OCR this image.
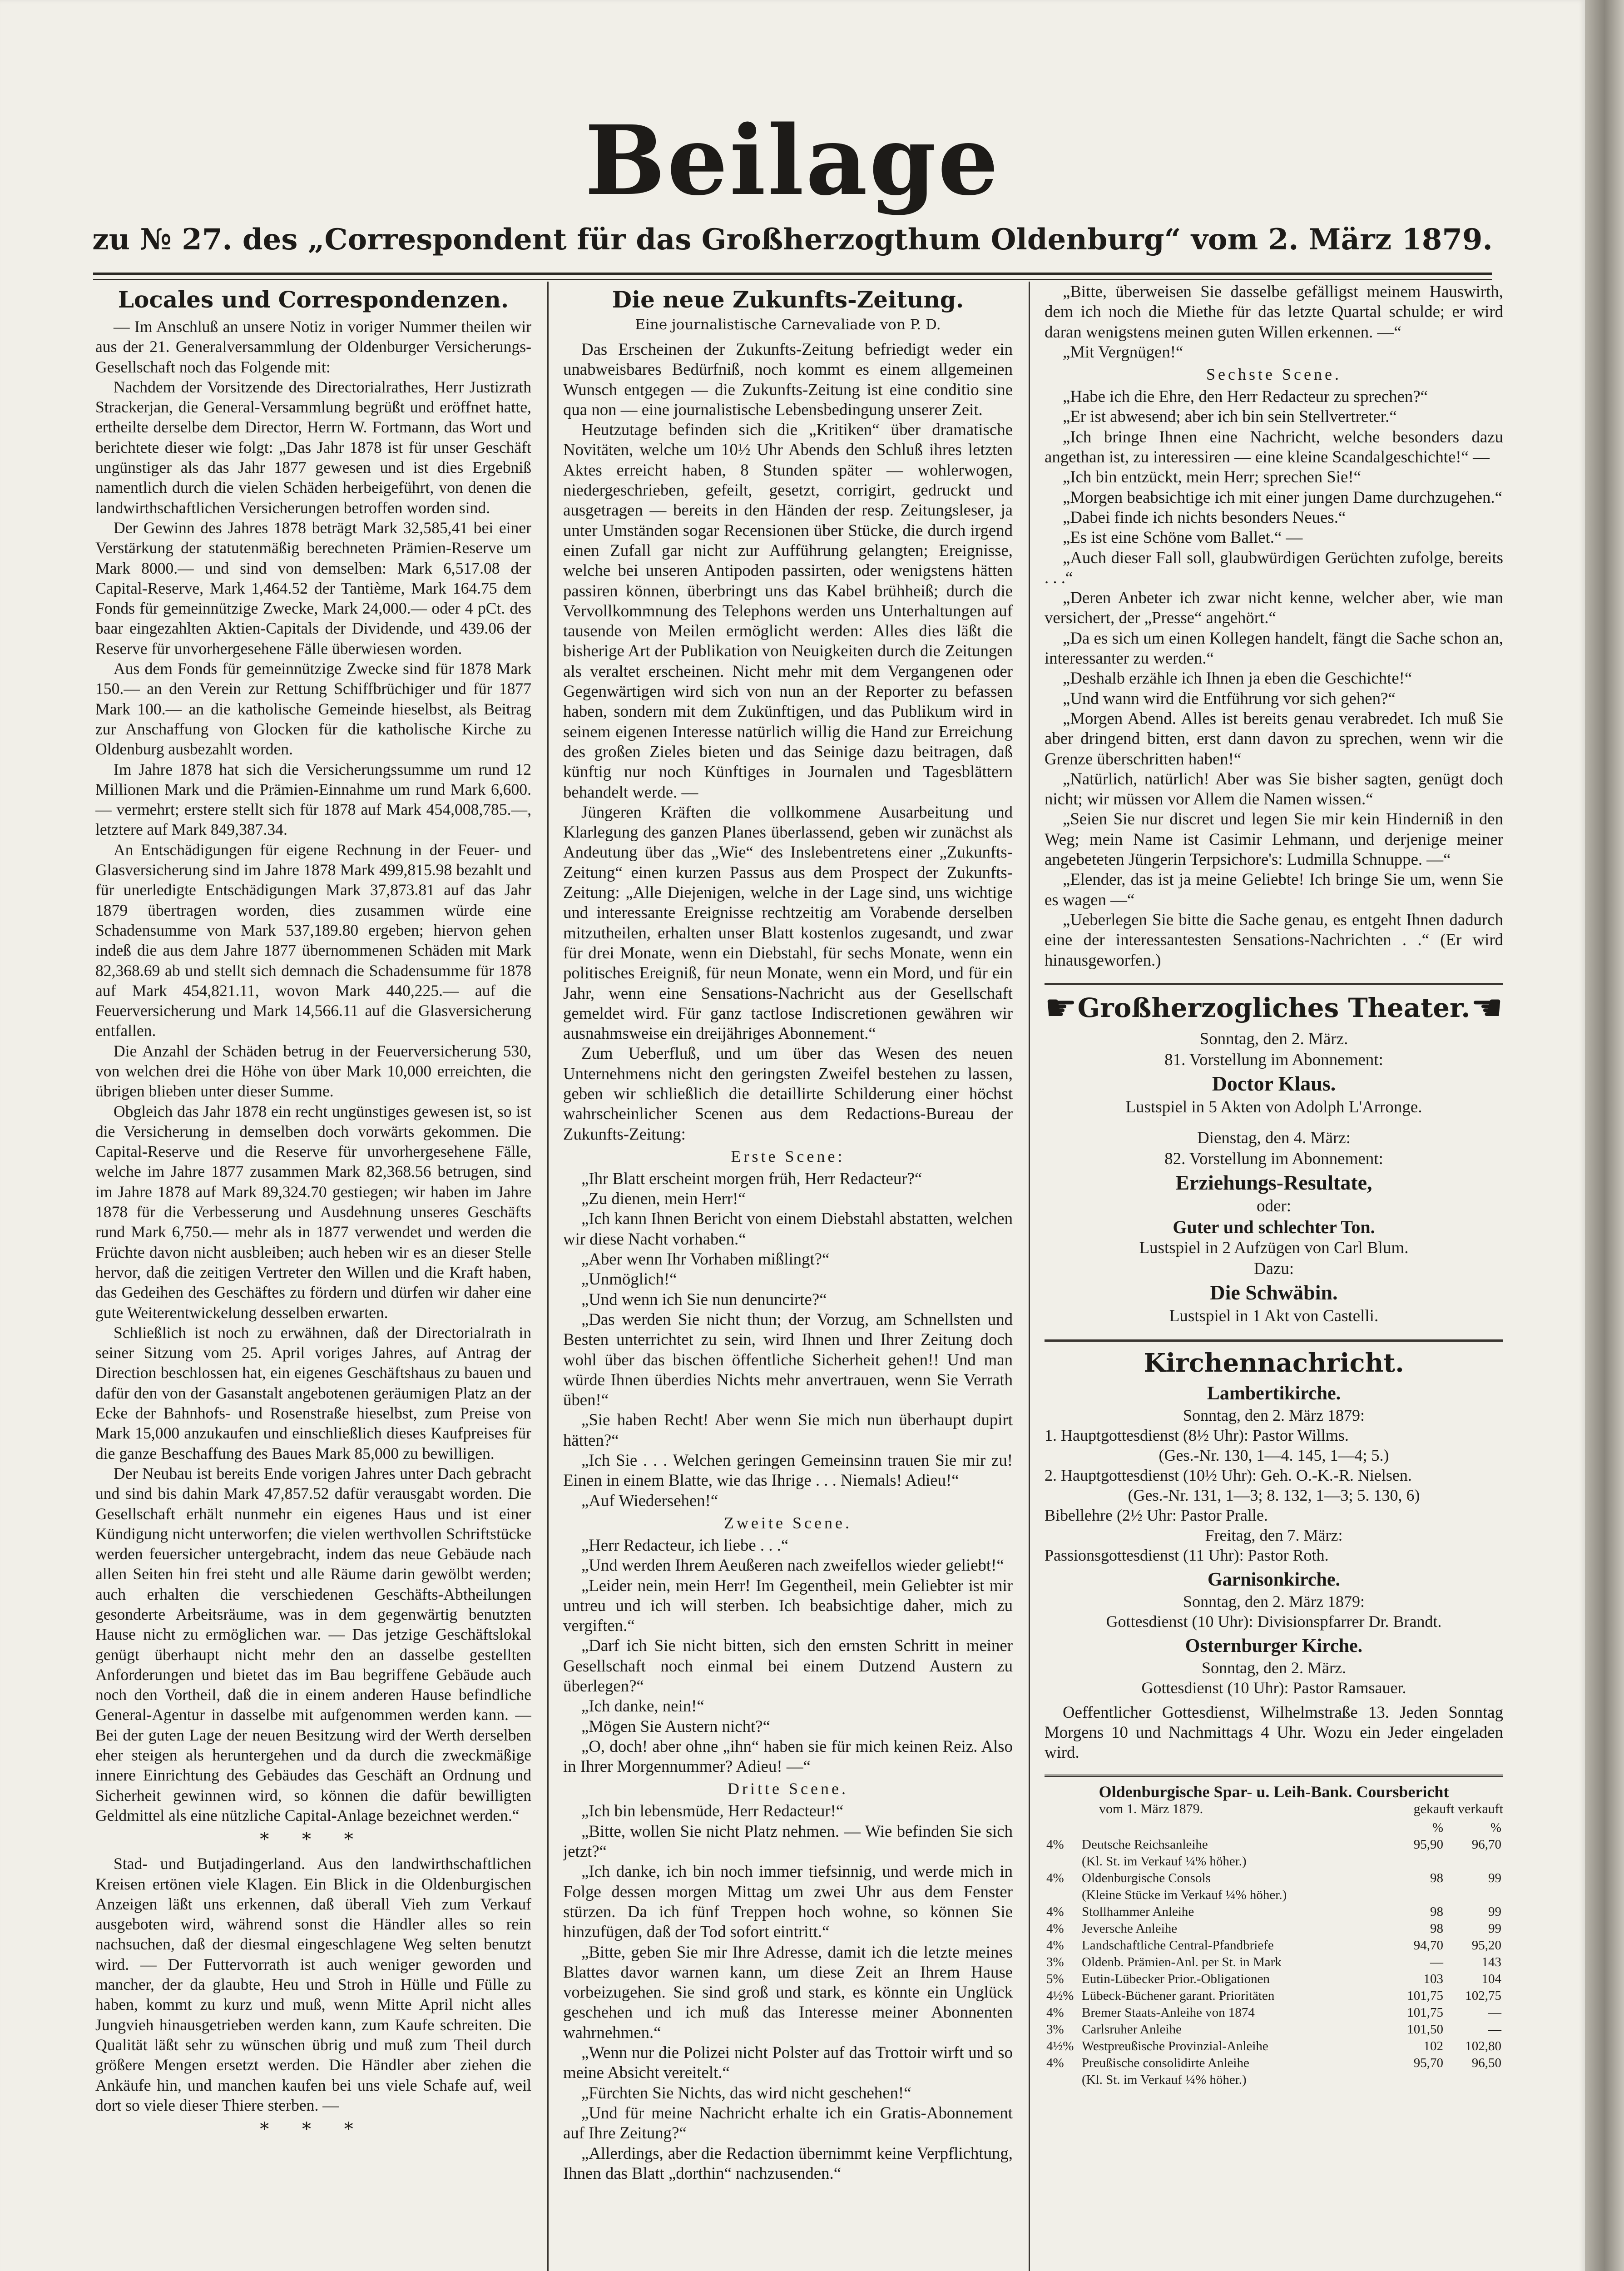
Beilage
zu № 27. des „Correspondent für das Großherzogthum Oldenburg“ vom 2. März 1879.
Locales und Correspondenzen.

— Im Anschluß an unsere Notiz in voriger Nummer theilen wir aus der 21. Generalversammlung der Oldenburger Versicherungs-Gesellschaft noch das Folgende mit:

Nachdem der Vorsitzende des Directorialrathes, Herr Justizrath Strackerjan, die General-Versammlung begrüßt und eröffnet hatte, ertheilte derselbe dem Director, Herrn W. Fortmann, das Wort und berichtete dieser wie folgt: „Das Jahr 1878 ist für unser Geschäft ungünstiger als das Jahr 1877 gewesen und ist dies Ergebniß namentlich durch die vielen Schäden herbeigeführt, von denen die landwirthschaftlichen Versicherungen betroffen worden sind.

Der Gewinn des Jahres 1878 beträgt Mark 32,585,41 bei einer Verstärkung der statutenmäßig berechneten Prämien-Reserve um Mark 8000.— und sind von demselben: Mark 6,517.08 der Capital-Reserve, Mark 1,464.52 der Tantième, Mark 164.75 dem Fonds für gemeinnützige Zwecke, Mark 24,000.— oder 4 pCt. des baar eingezahlten Aktien-Capitals der Dividende, und 439.06 der Reserve für unvorhergesehene Fälle überwiesen worden.

Aus dem Fonds für gemeinnützige Zwecke sind für 1878 Mark 150.— an den Verein zur Rettung Schiffbrüchiger und für 1877 Mark 100.— an die katholische Gemeinde hieselbst, als Beitrag zur Anschaffung von Glocken für die katholische Kirche zu Oldenburg ausbezahlt worden.

Im Jahre 1878 hat sich die Versicherungssumme um rund 12 Millionen Mark und die Prämien-Einnahme um rund Mark 6,600.— vermehrt; erstere stellt sich für 1878 auf Mark 454,008,785.—, letztere auf Mark 849,387.34.

An Entschädigungen für eigene Rechnung in der Feuer- und Glasversicherung sind im Jahre 1878 Mark 499,815.98 bezahlt und für unerledigte Entschädigungen Mark 37,873.81 auf das Jahr 1879 übertragen worden, dies zusammen würde eine Schadensumme von Mark 537,189.80 ergeben; hiervon gehen indeß die aus dem Jahre 1877 übernommenen Schäden mit Mark 82,368.69 ab und stellt sich demnach die Schadensumme für 1878 auf Mark 454,821.11, wovon Mark 440,225.— auf die Feuerversicherung und Mark 14,566.11 auf die Glasversicherung entfallen.

Die Anzahl der Schäden betrug in der Feuerversicherung 530, von welchen drei die Höhe von über Mark 10,000 erreichten, die übrigen blieben unter dieser Summe.

Obgleich das Jahr 1878 ein recht ungünstiges gewesen ist, so ist die Versicherung in demselben doch vorwärts gekommen. Die Capital-Reserve und die Reserve für unvorhergesehene Fälle, welche im Jahre 1877 zusammen Mark 82,368.56 betrugen, sind im Jahre 1878 auf Mark 89,324.70 gestiegen; wir haben im Jahre 1878 für die Verbesserung und Ausdehnung unseres Geschäfts rund Mark 6,750.— mehr als in 1877 verwendet und werden die Früchte davon nicht ausbleiben; auch heben wir es an dieser Stelle hervor, daß die zeitigen Vertreter den Willen und die Kraft haben, das Gedeihen des Geschäftes zu fördern und dürfen wir daher eine gute Weiterentwickelung desselben erwarten.

Schließlich ist noch zu erwähnen, daß der Directorialrath in seiner Sitzung vom 25. April voriges Jahres, auf Antrag der Direction beschlossen hat, ein eigenes Geschäftshaus zu bauen und dafür den von der Gasanstalt angebotenen geräumigen Platz an der Ecke der Bahnhofs- und Rosenstraße hieselbst, zum Preise von Mark 15,000 anzukaufen und einschließlich dieses Kaufpreises für die ganze Beschaffung des Baues Mark 85,000 zu bewilligen.

Der Neubau ist bereits Ende vorigen Jahres unter Dach gebracht und sind bis dahin Mark 47,857.52 dafür verausgabt worden. Die Gesellschaft erhält nunmehr ein eigenes Haus und ist einer Kündigung nicht unterworfen; die vielen werthvollen Schriftstücke werden feuersicher untergebracht, indem das neue Gebäude nach allen Seiten hin frei steht und alle Räume darin gewölbt werden; auch erhalten die verschiedenen Geschäfts-Abtheilungen gesonderte Arbeitsräume, was in dem gegenwärtig benutzten Hause nicht zu ermöglichen war. — Das jetzige Geschäftslokal genügt überhaupt nicht mehr den an dasselbe gestellten Anforderungen und bietet das im Bau begriffene Gebäude auch noch den Vortheil, daß die in einem anderen Hause befindliche General-Agentur in dasselbe mit aufgenommen werden kann. — Bei der guten Lage der neuen Besitzung wird der Werth derselben eher steigen als heruntergehen und da durch die zweckmäßige innere Einrichtung des Gebäudes das Geschäft an Ordnung und Sicherheit gewinnen wird, so können die dafür bewilligten Geldmittel als eine nützliche Capital-Anlage bezeichnet werden.“

* * *

Stad- und Butjadingerland. Aus den landwirthschaftlichen Kreisen ertönen viele Klagen. Ein Blick in die Oldenburgischen Anzeigen läßt uns erkennen, daß überall Vieh zum Verkauf ausgeboten wird, während sonst die Händler alles so rein nachsuchen, daß der diesmal eingeschlagene Weg selten benutzt wird. — Der Futtervorrath ist auch weniger geworden und mancher, der da glaubte, Heu und Stroh in Hülle und Fülle zu haben, kommt zu kurz und muß, wenn Mitte April nicht alles Jungvieh hinausgetrieben werden kann, zum Kaufe schreiten. Die Qualität läßt sehr zu wünschen übrig und muß zum Theil durch größere Mengen ersetzt werden. Die Händler aber ziehen die Ankäufe hin, und manchen kaufen bei uns viele Schafe auf, weil dort so viele dieser Thiere sterben. —

* * *
Die neue Zukunfts-Zeitung.
Eine journalistische Carnevaliade von P. D.

Das Erscheinen der Zukunfts-Zeitung befriedigt weder ein unabweisbares Bedürfniß, noch kommt es einem allgemeinen Wunsch entgegen — die Zukunfts-Zeitung ist eine conditio sine qua non — eine journalistische Lebensbedingung unserer Zeit.

Heutzutage befinden sich die „Kritiken“ über dramatische Novitäten, welche um 10½ Uhr Abends den Schluß ihres letzten Aktes erreicht haben, 8 Stunden später — wohlerwogen, niedergeschrieben, gefeilt, gesetzt, corrigirt, gedruckt und ausgetragen — bereits in den Händen der resp. Zeitungsleser, ja unter Umständen sogar Recensionen über Stücke, die durch irgend einen Zufall gar nicht zur Aufführung gelangten; Ereignisse, welche bei unseren Antipoden passirten, oder wenigstens hätten passiren können, überbringt uns das Kabel brühheiß; durch die Vervollkommnung des Telephons werden uns Unterhaltungen auf tausende von Meilen ermöglicht werden: Alles dies läßt die bisherige Art der Publikation von Neuigkeiten durch die Zeitungen als veraltet erscheinen. Nicht mehr mit dem Vergangenen oder Gegenwärtigen wird sich von nun an der Reporter zu befassen haben, sondern mit dem Zukünftigen, und das Publikum wird in seinem eigenen Interesse natürlich willig die Hand zur Erreichung des großen Zieles bieten und das Seinige dazu beitragen, daß künftig nur noch Künftiges in Journalen und Tagesblättern behandelt werde. —

Jüngeren Kräften die vollkommene Ausarbeitung und Klarlegung des ganzen Planes überlassend, geben wir zunächst als Andeutung über das „Wie“ des Inslebentretens einer „Zukunfts-Zeitung“ einen kurzen Passus aus dem Prospect der Zukunfts-Zeitung: „Alle Diejenigen, welche in der Lage sind, uns wichtige und interessante Ereignisse rechtzeitig am Vorabende derselben mitzutheilen, erhalten unser Blatt kostenlos zugesandt, und zwar für drei Monate, wenn ein Diebstahl, für sechs Monate, wenn ein politisches Ereigniß, für neun Monate, wenn ein Mord, und für ein Jahr, wenn eine Sensations-Nachricht aus der Gesellschaft gemeldet wird. Für ganz tactlose Indiscretionen gewähren wir ausnahmsweise ein dreijähriges Abonnement.“

Zum Ueberfluß, und um über das Wesen des neuen Unternehmens nicht den geringsten Zweifel bestehen zu lassen, geben wir schließlich die detaillirte Schilderung einer höchst wahrscheinlicher Scenen aus dem Redactions-Bureau der Zukunfts-Zeitung:

Erste Scene:

„Ihr Blatt erscheint morgen früh, Herr Redacteur?“

„Zu dienen, mein Herr!“

„Ich kann Ihnen Bericht von einem Diebstahl abstatten, welchen wir diese Nacht vorhaben.“

„Aber wenn Ihr Vorhaben mißlingt?“

„Unmöglich!“

„Und wenn ich Sie nun denuncirte?“

„Das werden Sie nicht thun; der Vorzug, am Schnellsten und Besten unterrichtet zu sein, wird Ihnen und Ihrer Zeitung doch wohl über das bischen öffentliche Sicherheit gehen!! Und man würde Ihnen überdies Nichts mehr anvertrauen, wenn Sie Verrath üben!“

„Sie haben Recht! Aber wenn Sie mich nun überhaupt dupirt hätten?“

„Ich Sie . . . Welchen geringen Gemeinsinn trauen Sie mir zu! Einen in einem Blatte, wie das Ihrige . . . Niemals! Adieu!“

„Auf Wiedersehen!“

Zweite Scene.

„Herr Redacteur, ich liebe . . .“

„Und werden Ihrem Aeußeren nach zweifellos wieder geliebt!“

„Leider nein, mein Herr! Im Gegentheil, mein Geliebter ist mir untreu und ich will sterben. Ich beabsichtige daher, mich zu vergiften.“

„Darf ich Sie nicht bitten, sich den ernsten Schritt in meiner Gesellschaft noch einmal bei einem Dutzend Austern zu überlegen?“

„Ich danke, nein!“

„Mögen Sie Austern nicht?“

„O, doch! aber ohne „ihn“ haben sie für mich keinen Reiz. Also in Ihrer Morgennummer? Adieu! —“

Dritte Scene.

„Ich bin lebensmüde, Herr Redacteur!“

„Bitte, wollen Sie nicht Platz nehmen. — Wie befinden Sie sich jetzt?“

„Ich danke, ich bin noch immer tiefsinnig, und werde mich in Folge dessen morgen Mittag um zwei Uhr aus dem Fenster stürzen. Da ich fünf Treppen hoch wohne, so können Sie hinzufügen, daß der Tod sofort eintritt.“

„Bitte, geben Sie mir Ihre Adresse, damit ich die letzte meines Blattes davor warnen kann, um diese Zeit an Ihrem Hause vorbeizugehen. Sie sind groß und stark, es könnte ein Unglück geschehen und ich muß das Interesse meiner Abonnenten wahrnehmen.“

„Wenn nur die Polizei nicht Polster auf das Trottoir wirft und so meine Absicht vereitelt.“

„Fürchten Sie Nichts, das wird nicht geschehen!“

„Und für meine Nachricht erhalte ich ein Gratis-Abonnement auf Ihre Zeitung?“

„Allerdings, aber die Redaction übernimmt keine Verpflichtung, Ihnen das Blatt „dorthin“ nachzusenden.“

„Bitte, überweisen Sie dasselbe gefälligst meinem Hauswirth, dem ich noch die Miethe für das letzte Quartal schulde; er wird daran wenigstens meinen guten Willen erkennen. —“

„Mit Vergnügen!“

Sechste Scene.

„Habe ich die Ehre, den Herr Redacteur zu sprechen?“

„Er ist abwesend; aber ich bin sein Stellvertreter.“

„Ich bringe Ihnen eine Nachricht, welche besonders dazu angethan ist, zu interessiren — eine kleine Scandalgeschichte!“ —

„Ich bin entzückt, mein Herr; sprechen Sie!“

„Morgen beabsichtige ich mit einer jungen Dame durchzugehen.“

„Dabei finde ich nichts besonders Neues.“

„Es ist eine Schöne vom Ballet.“ —

„Auch dieser Fall soll, glaubwürdigen Gerüchten zufolge, bereits . . .“

„Deren Anbeter ich zwar nicht kenne, welcher aber, wie man versichert, der „Presse“ angehört.“

„Da es sich um einen Kollegen handelt, fängt die Sache schon an, interessanter zu werden.“

„Deshalb erzähle ich Ihnen ja eben die Geschichte!“

„Und wann wird die Entführung vor sich gehen?“

„Morgen Abend. Alles ist bereits genau verabredet. Ich muß Sie aber dringend bitten, erst dann davon zu sprechen, wenn wir die Grenze überschritten haben!“

„Natürlich, natürlich! Aber was Sie bisher sagten, genügt doch nicht; wir müssen vor Allem die Namen wissen.“

„Seien Sie nur discret und legen Sie mir kein Hinderniß in den Weg; mein Name ist Casimir Lehmann, und derjenige meiner angebeteten Jüngerin Terpsichore's: Ludmilla Schnuppe. —“

„Elender, das ist ja meine Geliebte! Ich bringe Sie um, wenn Sie es wagen —“

„Ueberlegen Sie bitte die Sache genau, es entgeht Ihnen dadurch eine der interessantesten Sensations-Nachrichten . .“ (Er wird hinausgeworfen.)

☛ Großherzogliches Theater. ☚
Sonntag, den 2. März.
81. Vorstellung im Abonnement:
Doctor Klaus.
Lustspiel in 5 Akten von Adolph L'Arronge.
Dienstag, den 4. März:
82. Vorstellung im Abonnement:
Erziehungs-Resultate,
oder:
Guter und schlechter Ton.
Lustspiel in 2 Aufzügen von Carl Blum.
Dazu:
Die Schwäbin.
Lustspiel in 1 Akt von Castelli.
Kirchennachricht.
Lambertikirche.
Sonntag, den 2. März 1879:
1. Hauptgottesdienst (8½ Uhr): Pastor Willms.
(Ges.-Nr. 130, 1—4. 145, 1—4; 5.)
2. Hauptgottesdienst (10½ Uhr): Geh. O.-K.-R. Nielsen.
(Ges.-Nr. 131, 1—3; 8. 132, 1—3; 5. 130, 6)
Bibellehre (2½ Uhr: Pastor Pralle.
Freitag, den 7. März:
Passionsgottesdienst (11 Uhr): Pastor Roth.
Garnisonkirche.
Sonntag, den 2. März 1879:
Gottesdienst (10 Uhr): Divisionspfarrer Dr. Brandt.
Osternburger Kirche.
Sonntag, den 2. März.
Gottesdienst (10 Uhr): Pastor Ramsauer.

Oeffentlicher Gottesdienst, Wilhelmstraße 13. Jeden Sonntag Morgens 10 und Nachmittags 4 Uhr. Wozu ein Jeder eingeladen wird.

Oldenburgische Spar- u. Leih-Bank. Coursbericht
vom 1. März 1879.	gekauft verkauft
		%	%
4%	Deutsche Reichsanleihe	95,90	96,70
	(Kl. St. im Verkauf ¼% höher.)		
4%	Oldenburgische Consols	98	99
	(Kleine Stücke im Verkauf ¼% höher.)		
4%	Stollhammer Anleihe	98	99
4%	Jeversche Anleihe	98	99
4%	Landschaftliche Central-Pfandbriefe	94,70	95,20
3%	Oldenb. Prämien-Anl. per St. in Mark	—	143
5%	Eutin-Lübecker Prior.-Obligationen	103	104
4½%	Lübeck-Büchener garant. Prioritäten	101,75	102,75
4%	Bremer Staats-Anleihe von 1874	101,75	—
3%	Carlsruher Anleihe	101,50	—
4½%	Westpreußische Provinzial-Anleihe	102	102,80
4%	Preußische consolidirte Anleihe	95,70	96,50
	(Kl. St. im Verkauf ¼% höher.)		
